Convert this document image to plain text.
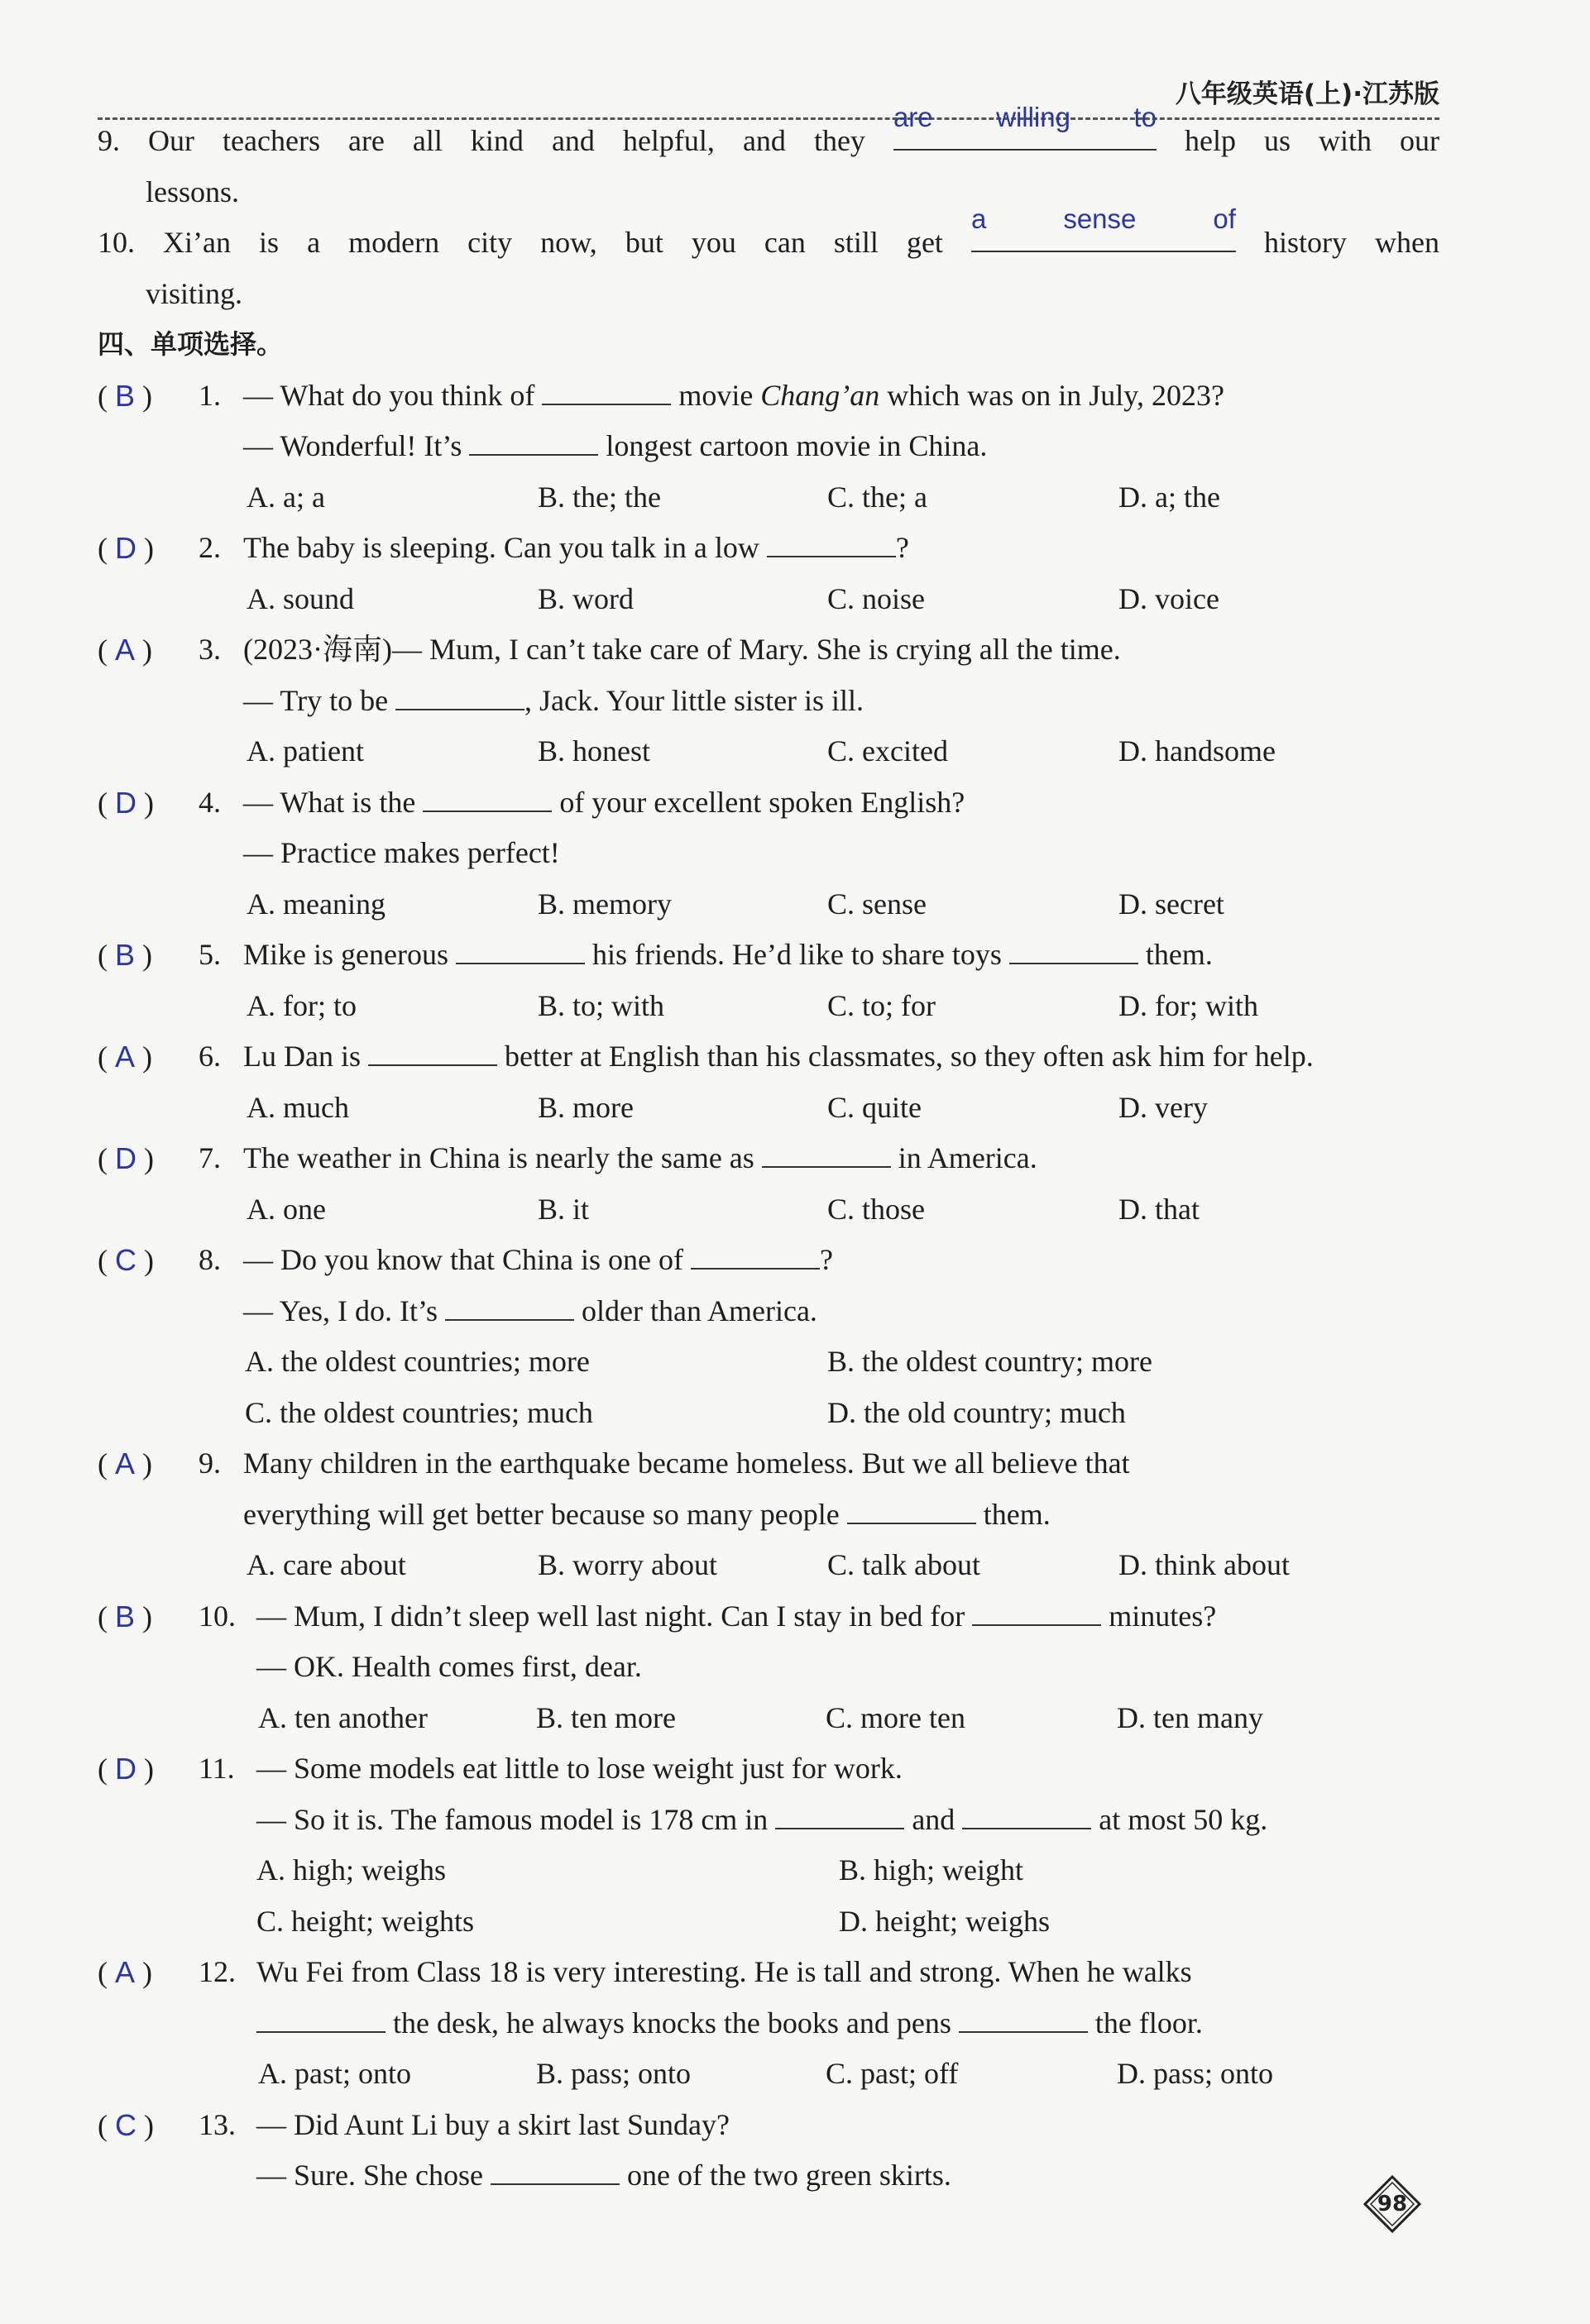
八年级英语(上)·江苏版
9. Our teachers are all kind and helpful, and they
are willing to
help us with our
lessons.
10. Xi’an is a modern city now, but you can still get
a sense of
history when
visiting.
四、单项选择。
( B ) 1. — What do you think of	movie Chang’an which was on in July, 2023?
— Wonderful! It’s	longest cartoon movie in China.
A. a; a	B. the; the	C. the; a	D. a; the
( D ) 2. The baby is sleeping. Can you talk in a low	?
A. sound	B. word	C. noise	D. voice
( A ) 3. (2023·海南)— Mum, I can’t take care of Mary. She is crying all the time.
— Try to be	, Jack. Your little sister is ill.
A. patient	B. honest	C. excited	D. handsome
( D ) 4. — What is the	of your excellent spoken English?
— Practice makes perfect!
A. meaning	B. memory	C. sense	D. secret
( B ) 5. Mike is generous	his friends. He’d like to share toys	them.
A. for; to	B. to; with	C. to; for	D. for; with
( A ) 6. Lu Dan is	better at English than his classmates, so they often ask him for help.
A. much	B. more	C. quite	D. very
( D ) 7. The weather in China is nearly the same as	in America.
A. one	B. it	C. those	D. that
( C ) 8. — Do you know that China is one of	?
— Yes, I do. It’s	older than America.
A. the oldest countries; more	B. the oldest country; more
C. the oldest countries; much	D. the old country; much
( A ) 9. Many children in the earthquake became homeless. But we all believe that
everything will get better because so many people	them.
A. care about	B. worry about	C. talk about	D. think about
( B ) 10. — Mum, I didn’t sleep well last night. Can I stay in bed for	minutes?
— OK. Health comes first, dear.
A. ten another	B. ten more	C. more ten	D. ten many
( D ) 11. — Some models eat little to lose weight just for work.
— So it is. The famous model is 178 cm in	and	at most 50 kg.
A. high; weighs	B. high; weight
C. height; weights	D. height; weighs
( A ) 12. Wu Fei from Class 18 is very interesting. He is tall and strong. When he walks
the desk, he always knocks the books and pens	the floor.
A. past; onto	B. pass; onto	C. past; off	D. pass; onto
( C ) 13. — Did Aunt Li buy a skirt last Sunday?
— Sure. She chose	one of the two green skirts.
98
